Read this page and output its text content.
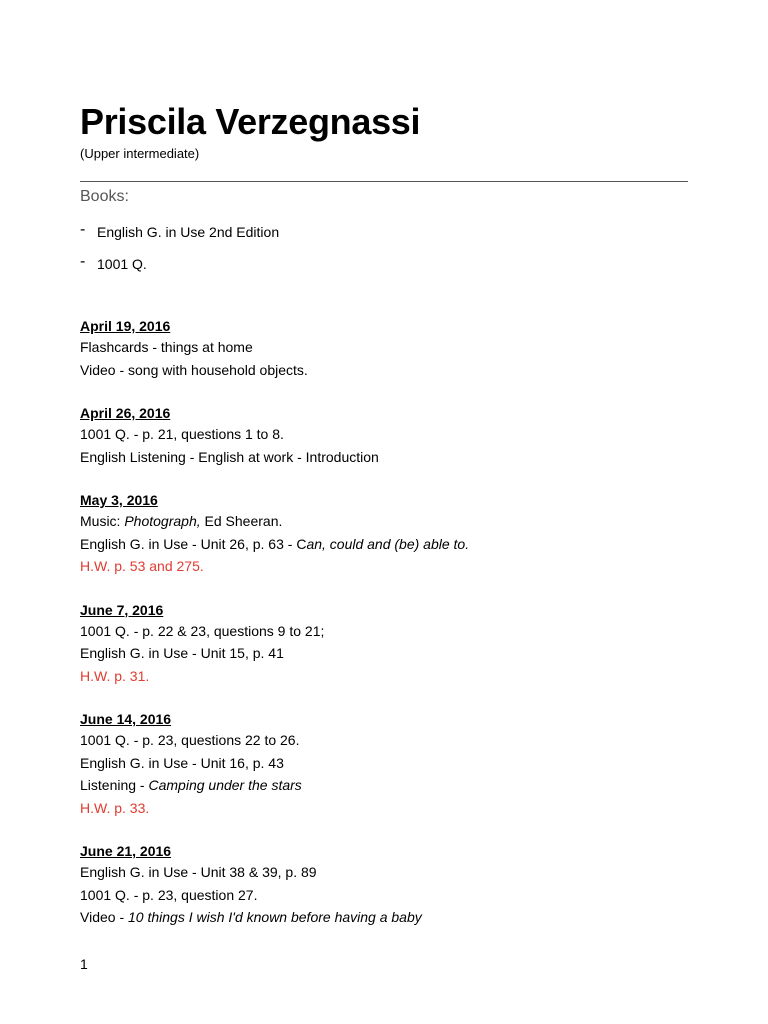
Priscila Verzegnassi
(Upper intermediate)
Books:
- English G. in Use 2nd Edition
- 1001 Q.
April 19, 2016
Flashcards - things at home
Video - song with household objects.
April 26, 2016
1001 Q. - p. 21, questions 1 to 8.
English Listening - English at work - Introduction
May 3, 2016
Music: Photograph, Ed Sheeran.
English G. in Use - Unit 26, p. 63 - Can, could and (be) able to.
H.W. p. 53 and 275.
June 7, 2016
1001 Q. - p. 22 & 23, questions 9 to 21;
English G. in Use - Unit 15, p. 41
H.W. p. 31.
June 14, 2016
1001 Q. - p. 23, questions 22 to 26.
English G. in Use - Unit 16, p. 43
Listening - Camping under the stars
H.W. p. 33.
June 21, 2016
English G. in Use - Unit 38 & 39, p. 89
1001 Q. - p. 23, question 27.
Video - 10 things I wish I'd known before having a baby
1
